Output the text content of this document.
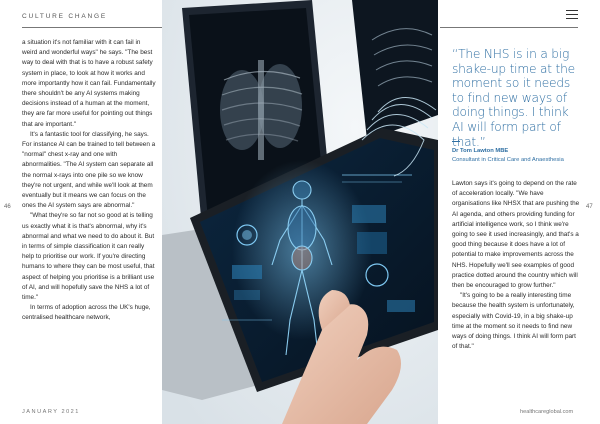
CULTURE CHANGE
46	47

a situation it's not familiar with it can fail in weird and wonderful ways" he says. "The best way to deal with that is to have a robust safety system in place, to look at how it works and more importantly how it can fail. Fundamentally there shouldn't be any AI systems making decisions instead of a human at the moment, they are far more useful for pointing out things that are important."

It's a fantastic tool for classifying, he says. For instance AI can be trained to tell between a "normal" chest x-ray and one with abnormalities. "The AI system can separate all the normal x-rays into one pile so we know they're not urgent, and while we'll look at them eventually but it means we can focus on the ones the AI system says are abnormal."

"What they're so far not so good at is telling us exactly what it is that's abnormal, why it's abnormal and what we need to do about it. But in terms of simple classification it can really help to prioritise our work. If you're directing humans to where they can be most useful, that aspect of helping you prioritise is a brilliant use of AI, and will hopefully save the NHS a lot of time."

In terms of adoption across the UK's huge, centralised healthcare network,

“The NHS is in a big shake-up time at the moment so it needs to find new ways of doing things. I think AI will form part of that.”
Dr Tom Lawton MBE
Consultant in Critical Care and Anaesthesia

Lawton says it's going to depend on the rate of acceleration locally. "We have organisations like NHSX that are pushing the AI agenda, and others providing funding for artificial intelligence work, so I think we're going to see it used increasingly, and that's a good thing because it does have a lot of potential to make improvements across the NHS. Hopefully we'll see examples of good practice dotted around the country which will then be encouraged to grow further."

"It's going to be a really interesting time because the health system is unfortunately, especially with Covid-19, in a big shake-up time at the moment so it needs to find new ways of doing things. I think AI will form part of that."

JANUARY 2021	healthcareglobal.com
